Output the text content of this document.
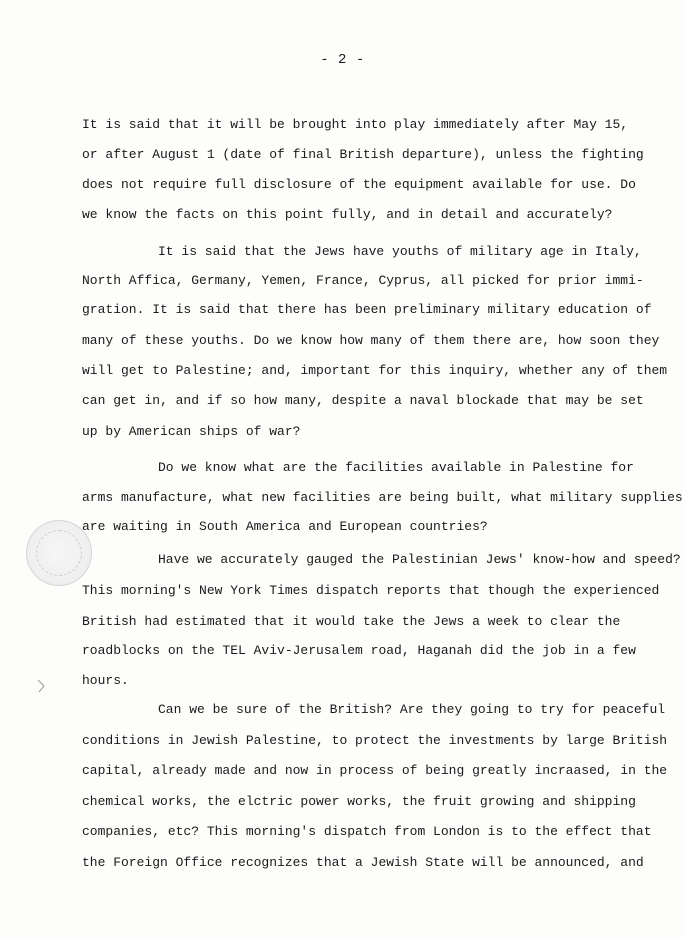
- 2 -
It is said that it will be brought into play immediately after May 15,
or after August 1 (date of final British departure), unless the fighting
does not require full disclosure of the equipment available for use. Do
we know the facts on this point fully, and in detail and accurately?
It is said that the Jews have youths of military age in Italy,
North Affica, Germany, Yemen, France, Cyprus, all picked for prior immi-
gration. It is said that there has been preliminary military education of
many of these youths. Do we know how many of them there are, how soon they
will get to Palestine; and, important for this inquiry, whether any of them
can get in, and if so how many, despite a naval blockade that may be set
up by American ships of war?
Do we know what are the facilities available in Palestine for
arms manufacture, what new facilities are being built, what military supplies
are waiting in South America and European countries?
Have we accurately gauged the Palestinian Jews' know-how and speed?
This morning's New York Times dispatch reports that though the experienced
British had estimated that it would take the Jews a week to clear the
roadblocks on the TEL Aviv-Jerusalem road, Haganah did the job in a few
hours.
Can we be sure of the British? Are they going to try for peaceful
conditions in Jewish Palestine, to protect the investments by large British
capital, already made and now in process of being greatly incraased, in the
chemical works, the elctric power works, the fruit growing and shipping
companies, etc? This morning's dispatch from London is to the effect that
the Foreign Office recognizes that a Jewish State will be announced, and
